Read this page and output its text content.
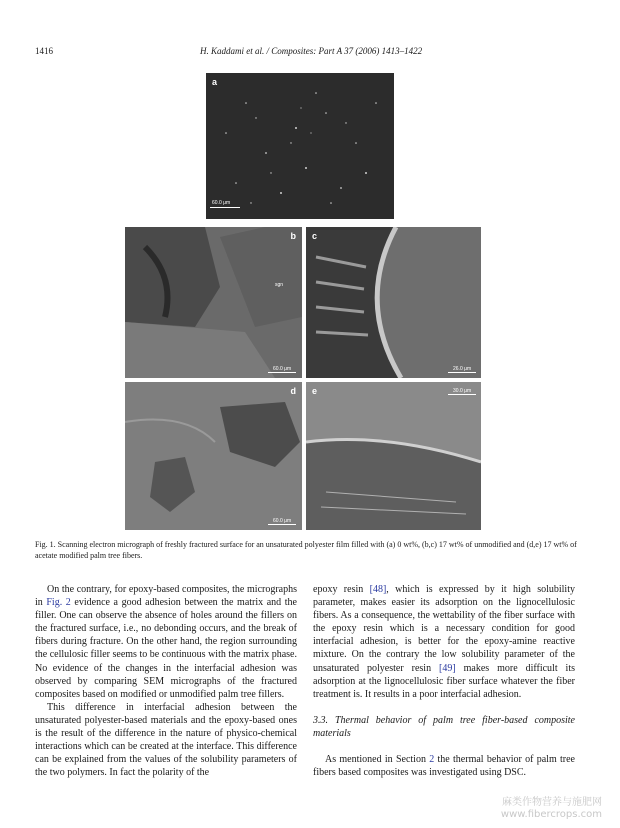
1416	H. Kaddami et al. / Composites: Part A 37 (2006) 1413–1422
a
60.0 μm
b
sgn
60.0 μm
c
26.0 μm
d
60.0 μm
e	30.0 μm
Fig. 1. Scanning electron micrograph of freshly fractured surface for an unsaturated polyester film filled with (a) 0 wt%, (b,c) 17 wt% of unmodified and (d,e) 17 wt% of acetate modified palm tree fibers.

On the contrary, for epoxy-based composites, the micrographs in Fig. 2 evidence a good adhesion between the matrix and the filler. One can observe the absence of holes around the fillers on the fractured surface, i.e., no debonding occurs, and the break of fibers during fracture. On the other hand, the region surrounding the cellulosic filler seems to be continuous with the matrix phase. No evidence of the changes in the interfacial adhesion was observed by comparing SEM micrographs of the fractured composites based on modified or unmodified palm tree fillers.

This difference in interfacial adhesion between the unsaturated polyester-based materials and the epoxy-based ones is the result of the difference in the nature of physico-chemical interactions which can be created at the interface. This difference can be explained from the values of the solubility parameters of the two polymers. In fact the polarity of the

epoxy resin [48], which is expressed by it high solubility parameter, makes easier its adsorption on the lignocellulosic fibers. As a consequence, the wettability of the fiber surface with the epoxy resin which is a necessary condition for good interfacial adhesion, is better for the epoxy-amine reactive mixture. On the contrary the low solubility parameter of the unsaturated polyester resin [49] makes more difficult its adsorption at the lignocellulosic fiber surface whatever the fiber treatment is. It results in a poor interfacial adhesion.

3.3. Thermal behavior of palm tree fiber-based composite materials

As mentioned in Section 2 the thermal behavior of palm tree fibers based composites was investigated using DSC.

麻类作物营养与施肥网
www.fibercrops.com
